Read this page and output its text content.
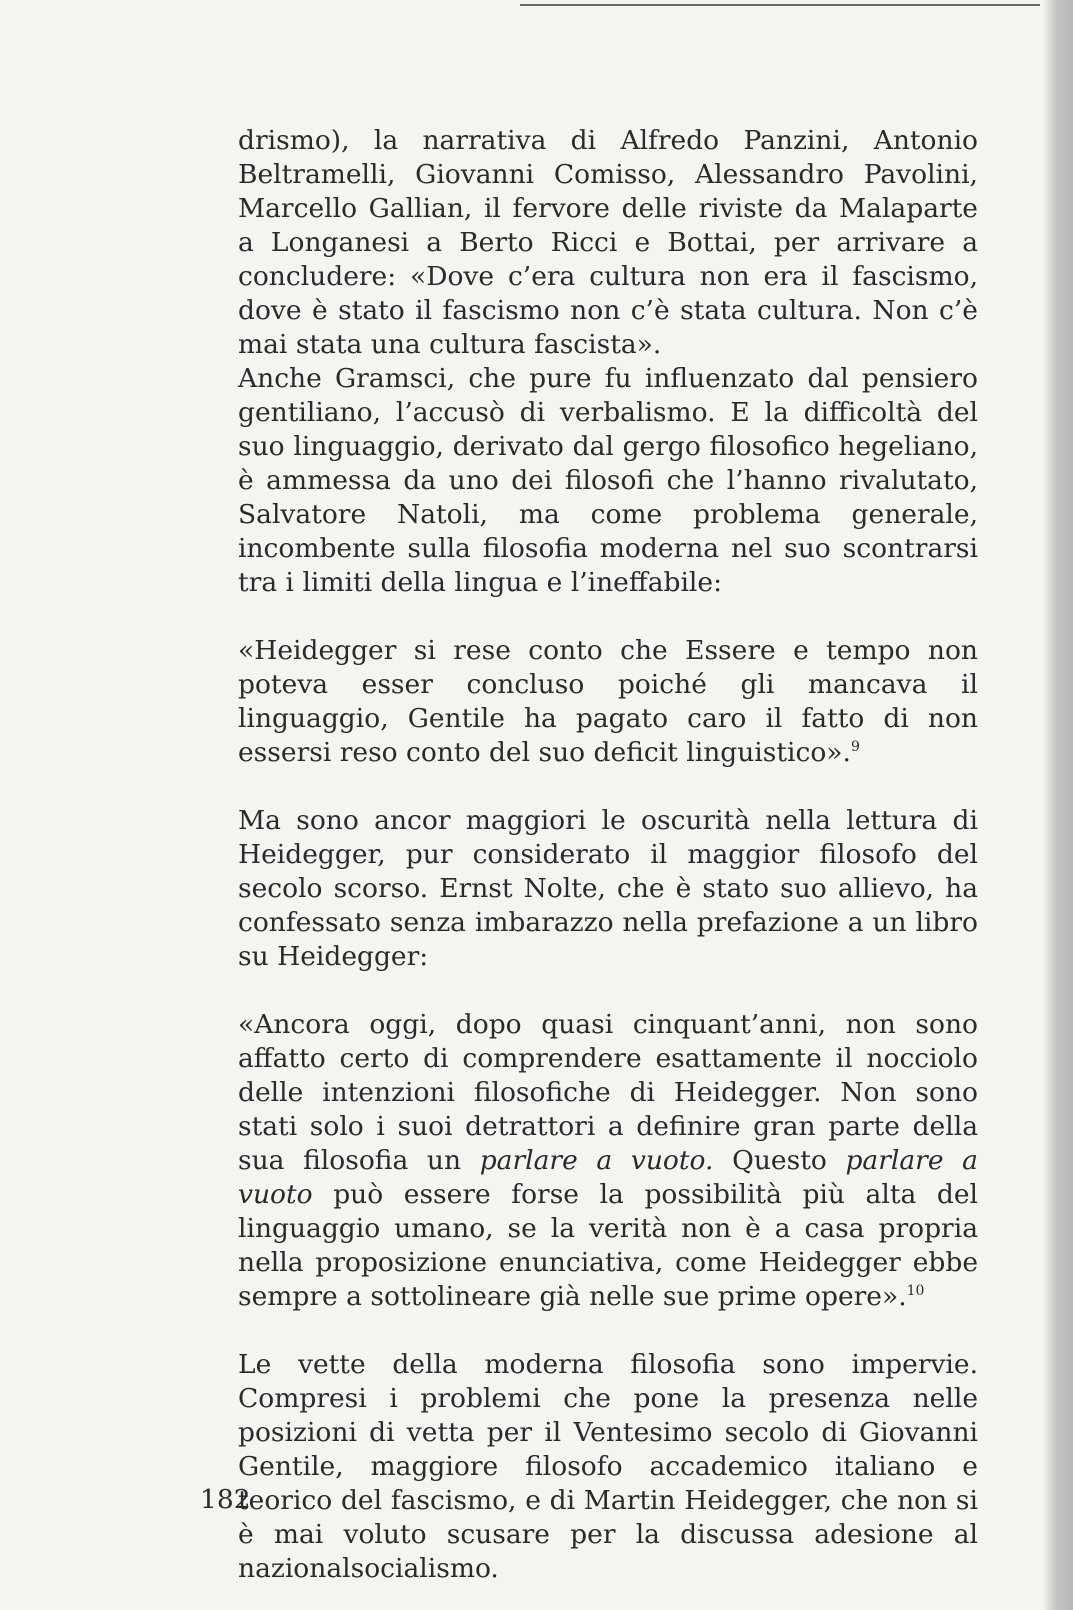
drismo), la narrativa di Alfredo Panzini, Antonio Beltramelli, Giovanni Comisso, Alessandro Pavolini, Marcello Gallian, il fervore delle riviste da Malaparte a Longanesi a Berto Ricci e Bottai, per arrivare a concludere: «Dove c’era cultura non era il fascismo, dove è stato il fascismo non c’è stata cultura. Non c’è mai stata una cultura fascista».

Anche Gramsci, che pure fu influenzato dal pensiero gentiliano, l’accusò di verbalismo. E la difficoltà del suo linguaggio, derivato dal gergo filosofico hegeliano, è ammessa da uno dei filosofi che l’hanno rivalutato, Salvatore Natoli, ma come problema generale, incombente sulla filosofia moderna nel suo scontrarsi tra i limiti della lingua e l’ineffabile:

«Heidegger si rese conto che Essere e tempo non poteva esser concluso poiché gli mancava il linguaggio, Gentile ha pagato caro il fatto di non essersi reso conto del suo deficit linguistico».$^9$

Ma sono ancor maggiori le oscurità nella lettura di Heidegger, pur considerato il maggior filosofo del secolo scorso. Ernst Nolte, che è stato suo allievo, ha confessato senza imbarazzo nella prefazione a un libro su Heidegger:

«Ancora oggi, dopo quasi cinquant’anni, non sono affatto certo di comprendere esattamente il nocciolo delle intenzioni filosofiche di Heidegger. Non sono stati solo i suoi detrattori a definire gran parte della sua filosofia un parlare a vuoto. Questo parlare a vuoto può essere forse la possibilità più alta del linguaggio umano, se la verità non è a casa propria nella proposizione enunciativa, come Heidegger ebbe sempre a sottolineare già nelle sue prime opere».$^{10}$

Le vette della moderna filosofia sono impervie. Compresi i problemi che pone la presenza nelle posizioni di vetta per il Ventesimo secolo di Giovanni Gentile, maggiore filosofo accademico italiano e teorico del fascismo, e di Martin Heidegger, che non si è mai voluto scusare per la discussa adesione al nazionalsocialismo.

182
